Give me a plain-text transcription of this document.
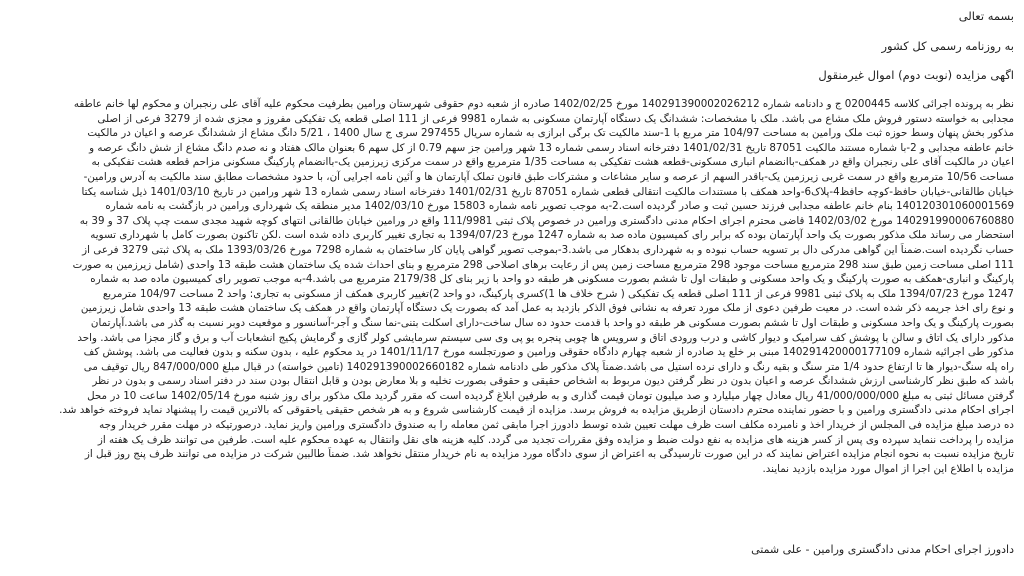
بسمه تعالی
به روزنامه رسمی کل کشور
اگهی مزایده (نوبت دوم) اموال غیرمنقول
نظر به پرونده اجرائی کلاسه 0200445 ج و دادنامه شماره 140291390002026212 مورخ 1402/02/25 صادره از شعبه دوم حقوقی شهرستان ورامین بطرفیت محکوم علیه آقای علی رنجبران و محکوم لها خانم عاطفه
مجدابی به خواسته دستور فروش ملک مشاع می باشد. ملک با مشخصات: ششدانگ یک دستگاه آپارتمان مسکونی به شماره 9981 فرعی از 111 اصلی قطعه یک تفکیکی مفروز و مجزی شده از 3279 فرعی از اصلی
مذکور بخش پنهان وسط حوزه ثبت ملک ورامین به مساحت 104/97 متر مربع با 1-سند مالکیت تک برگی ابرازی به شماره سریال 297455 سری ج سال 1400 ، 5/21 دانگ مشاع از ششدانگ عرصه و اعیان در مالکیت
خانم عاطفه مجدابی و 2-با شماره مستند مالکیت 87051 تاریخ 1401/02/31 دفترخانه اسناد رسمی شماره 13 شهر ورامین جز سهم 0.79 از کل سهم 6 بعنوان مالک هفتاد و نه صدم دانگ مشاع از شش دانگ عرصه و
اعیان در مالکیت آقای علی رنجبران واقع در همکف-باانضمام انباری مسکونی-قطعه هشت تفکیکی به مساحت 1/35 مترمربع واقع در سمت مرکزی زیرزمین یک-باانضمام پارکینگ مسکونی مزاحم قطعه هشت تفکیکی به
مساحت 10/56 مترمربع واقع در سمت غربی زیرزمین یک-باقدر السهم از عرصه و سایر مشاعات و مشترکات طبق قانون تملک آپارتمان ها و آئین نامه اجرایی آن، با حدود مشخصات مطابق سند مالکیت به آدرس ورامین-
خیابان طالقانی-خیابان حافظ-کوچه حافظ4-پلاک6-واحد همکف با مستندات مالکیت انتقالی قطعی شماره 87051 تاریخ 1401/02/31 دفترخانه اسناد رسمی شماره 13 شهر ورامین در تاریخ 1401/03/10 ذیل شناسه یکتا
140120301060001569 بنام خانم عاطفه مجدابی فرزند حسین ثبت و صادر گردیده است.2-به موجب تصویر نامه شماره 15803 مورخ 1402/03/10 مدیر منطقه یک شهرداری ورامین در بازگشت به نامه شماره
140291990006760880 مورخ 1402/03/02 قاضی محترم اجرای احکام مدنی دادگستری ورامین در خصوص پلاک ثبتی 111/9981 واقع در ورامین خیابان طالقانی انتهای کوچه شهید مجدی سمت چپ پلاک 37 و 39 به
استحضار می رساند ملک مذکور بصورت یک واحد آپارتمان بوده که برابر رای کمیسیون ماده صد به شماره 1247 مورخ 1394/07/23 به تجاری تغییر کاربری داده شده است .لکن تاکنون بصورت کامل با شهرداری تسویه
حساب نگردیده است.ضمناً این گواهی مدرکی دال بر تسویه حساب نبوده و به شهرداری بدهکار می باشد.3-بموجب تصویر گواهی پایان کار ساختمان به شماره 7298 مورخ 1393/03/26 ملک به پلاک ثبتی 3279 فرعی از
111 اصلی مساحت زمین طبق سند 298 مترمربع مساحت موجود 298 مترمربع مساحت زمین پس از رعایت برهای اصلاحی 298 مترمربع و بنای احداث شده یک ساختمان هشت طبقه 13 واحدی (شامل زیرزمین به صورت
پارکینگ و انباری-همکف به صورت پارکینگ و یک واحد مسکونی و طبقات اول تا ششم بصورت مسکونی هر طبقه دو واحد با زیر بنای کل 2179/38 مترمربع می باشد.4-به موجب تصویر رای کمیسیون ماده صد به شماره
1247 مورخ 1394/07/23 ملک به پلاک ثبتی 9981 فرعی از 111 اصلی قطعه یک تفکیکی ( شرح خلاف ها 1)کسری پارکینگ، دو واحد 2)تغییر کاربری همکف از مسکونی به تجاری: واحد 2 مساحت 104/97 مترمربع
و نوع رای اخذ جریمه ذکر شده است. در معیت طرفین دعوی از ملک مورد تعرفه به نشانی فوق الذکر بازدید به عمل آمد که بصورت یک دستگاه آپارتمان واقع در همکف یک ساختمان هشت طبقه 13 واحدی شامل زیرزمین
بصورت پارکینگ و یک واحد مسکونی و طبقات اول تا ششم بصورت مسکونی هر طبقه دو واحد با قدمت حدود ده سال ساخت-دارای اسکلت بتنی-نما سنگ و آجر-آسانسور و موقعیت دوبر نسبت به گذر می باشد.آپارتمان
مذکور دارای یک اتاق و سالن با پوشش کف سرامیک و دیوار کاشی و درب ورودی اتاق و سرویس ها چوبی پنجره یو پی وی سی سیستم سرمایشی کولر گازی و گرمایش پکیج انشعابات آب و برق و گاز مجزا می باشد. واحد
مذکور طی اجرائیه شماره 140291420000177109 مبنی بر خلع ید صادره از شعبه چهارم دادگاه حقوقی ورامین و صورتجلسه مورخ 1401/11/17 در ید محکوم علیه ، بدون سکنه و بدون فعالیت می باشد. پوشش کف
راه پله سنگ-دیوار ها تا ارتفاع حدود 1/4 متر سنگ و بقیه رنگ و دارای نرده استیل می باشد.ضمناً پلاک مذکور طی دادنامه شماره 140291390002660182 (تامین خواسته) در قبال مبلغ 847/000/000 ریال توقیف می
باشد که طبق نظر کارشناسی ارزش ششدانگ عرصه و اعیان بدون در نظر گرفتن دیون مربوط به اشخاص حقیقی و حقوقی بصورت تخلیه و بلا معارض بودن و قابل انتقال بودن سند در دفتر اسناد رسمی و بدون در نظر
گرفتن مسائل ثبتی به مبلغ 41/000/000/000 ریال معادل چهار میلیارد و صد میلیون تومان قیمت گذاری و به طرفین ابلاغ گردیده است که مقرر گردید ملک مذکور برای روز شنبه مورخ 1402/05/14 ساعت 10 در محل
اجرای احکام مدنی دادگستری ورامین و با حضور نماینده محترم دادستان ازطریق مزایده به فروش برسد. مزایده از قیمت کارشناسی شروع و به هر شخص حقیقی یاحقوقی که بالاترین قیمت را پیشنهاد نماید فروخته خواهد شد.
ده درصد مبلغ مزایده فی المجلس از خریدار اخذ و نامبرده مکلف است ظرف مهلت تعیین شده توسط دادورز اجرا مابقی ثمن معامله را به صندوق دادگستری ورامین واریز نماید. درصورتیکه در مهلت مقرر خریدار وجه
مزایده را پرداخت ننماید سپرده وی پس از کسر هزینه های مزایده به نفع دولت ضبط و مزایده وفق مقررات تجدید می گردد. کلیه هزینه های نقل وانتقال به عهده محکوم علیه است. طرفین می توانند ظرف یک هفته از
تاریخ مزایده نسبت به نحوه انجام مزایده اعتراض نمایند که در این صورت تارسیدگی به اعتراض از سوی دادگاه مورد مزایده به نام خریدار منتقل نخواهد شد. ضمناً طالبین شرکت در مزایده می توانند ظرف پنج روز قبل از
مزایده با اطلاع این اجرا از اموال مورد مزایده بازدید نمایند.
دادورز اجرای احکام مدنی دادگستری ورامین - علی شمتی
